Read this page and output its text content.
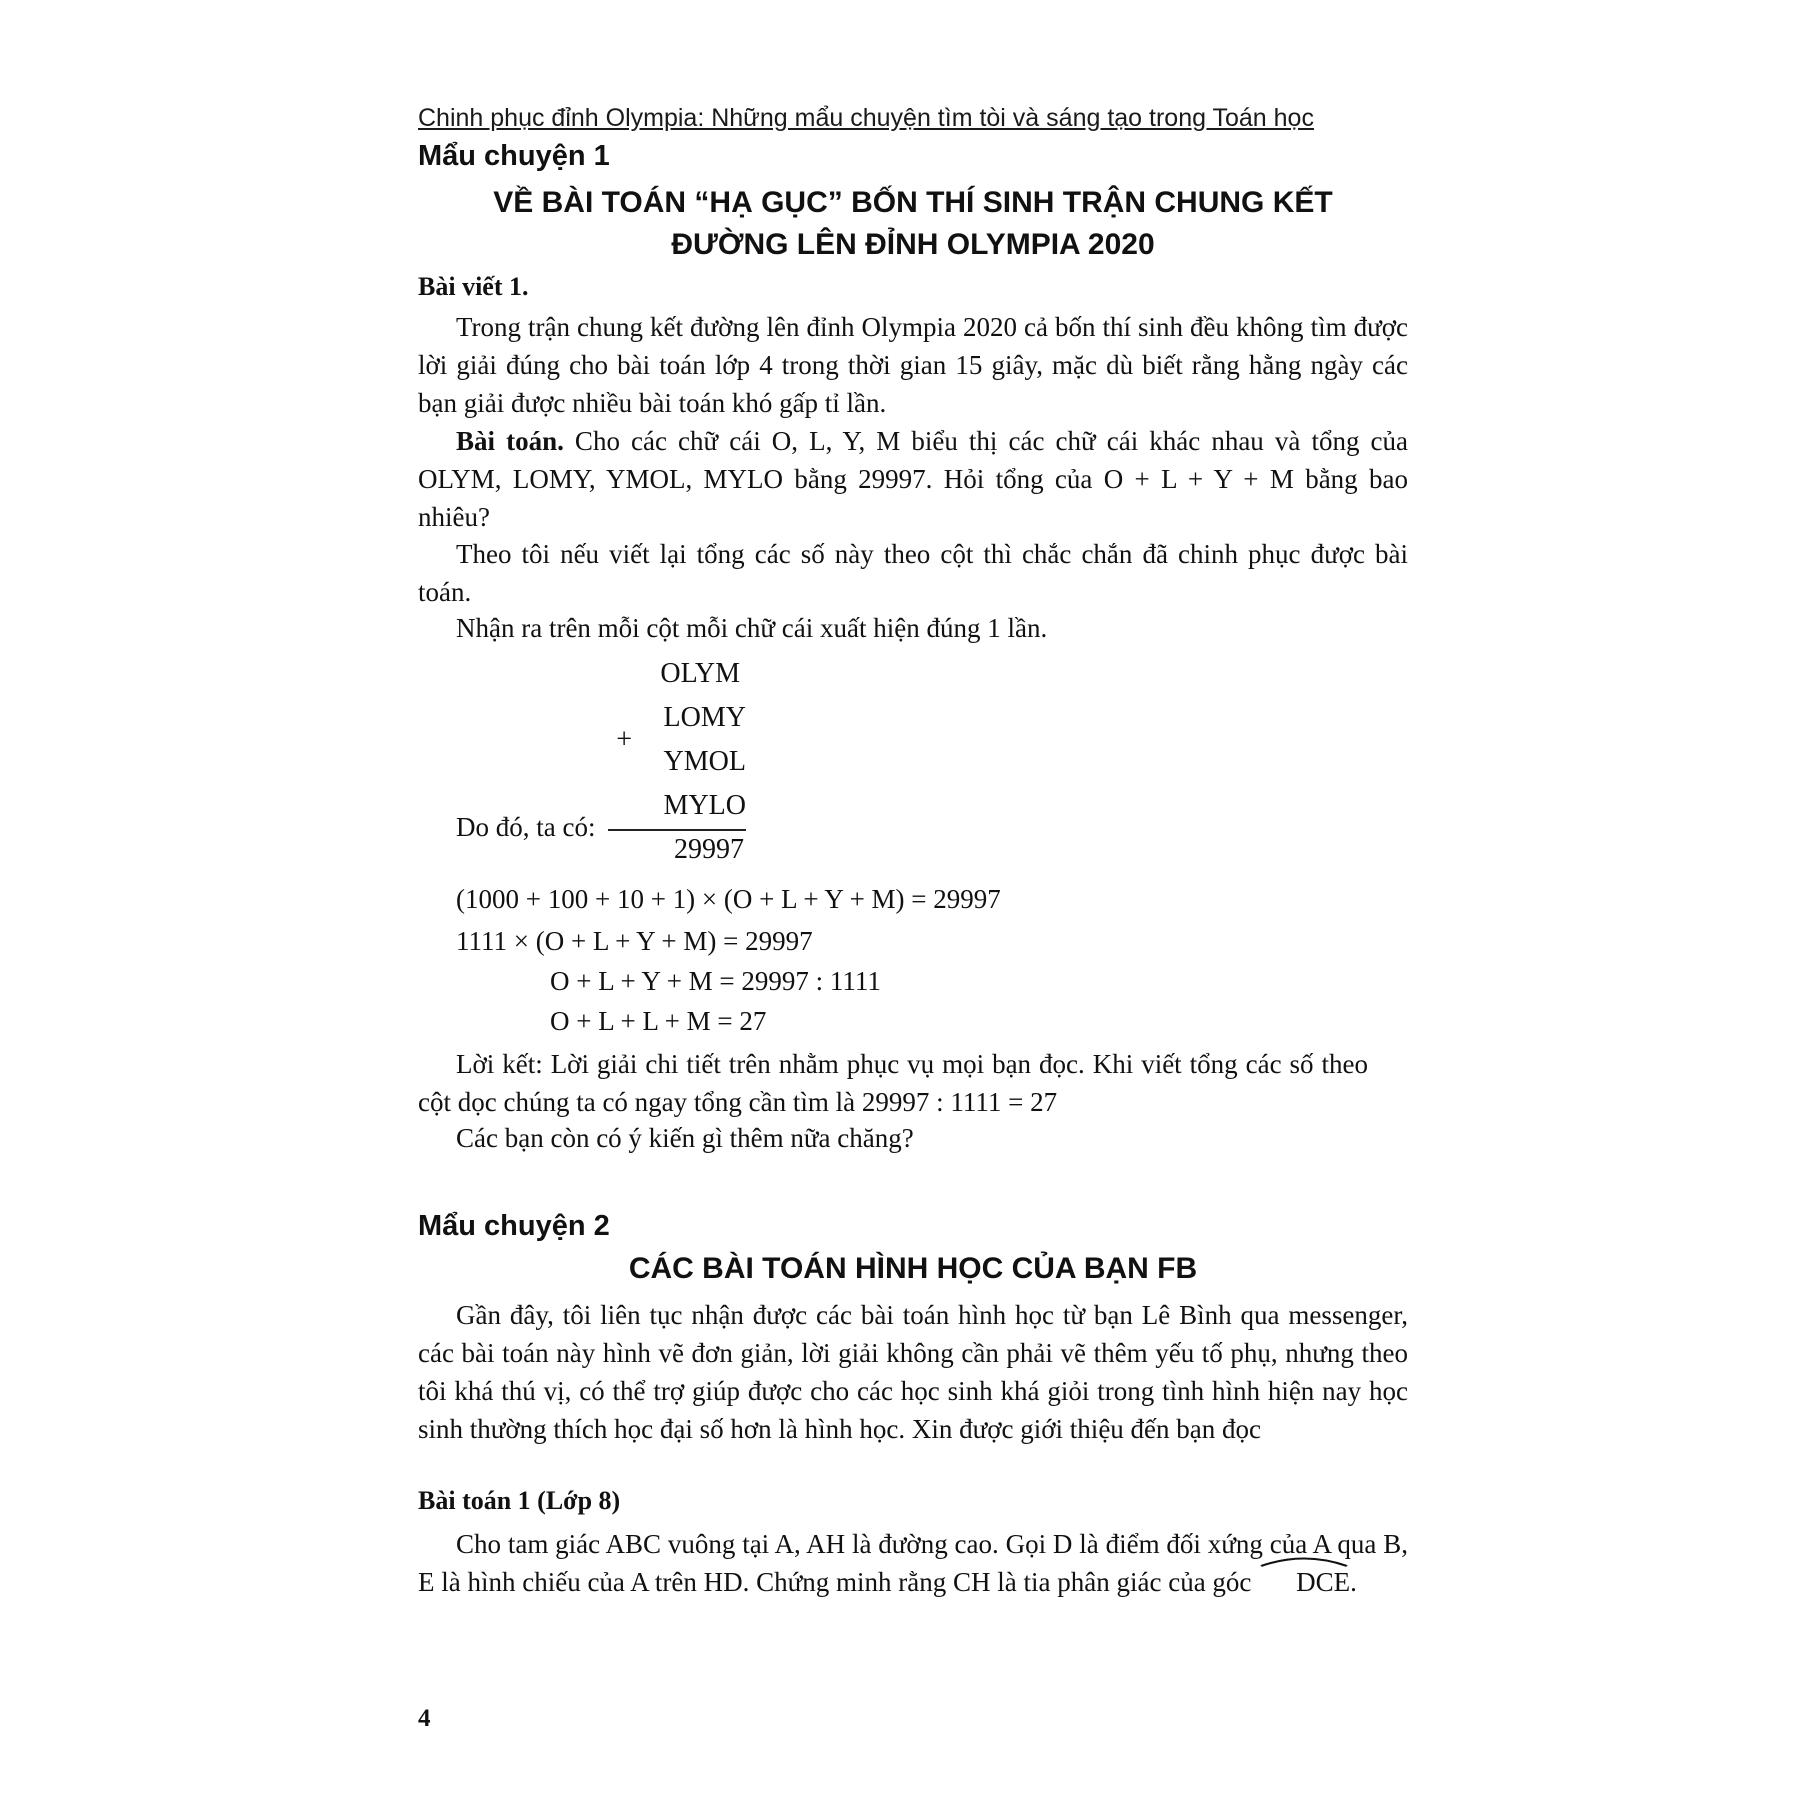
Chinh phục đỉnh Olympia: Những mẩu chuyện tìm tòi và sáng tạo trong Toán học
Mẩu chuyện 1
VỀ BÀI TOÁN “HẠ GỤC” BỐN THÍ SINH TRẬN CHUNG KẾT
ĐƯỜNG LÊN ĐỈNH OLYMPIA 2020
Bài viết 1.
Trong trận chung kết đường lên đỉnh Olympia 2020 cả bốn thí sinh đều không tìm được lời giải đúng cho bài toán lớp 4 trong thời gian 15 giây, mặc dù biết rằng hằng ngày các bạn giải được nhiều bài toán khó gấp tỉ lần.
Bài toán. Cho các chữ cái O, L, Y, M biểu thị các chữ cái khác nhau và tổng của OLYM, LOMY, YMOL, MYLO bằng 29997. Hỏi tổng của O + L + Y + M bằng bao nhiêu?
Theo tôi nếu viết lại tổng các số này theo cột thì chắc chắn đã chinh phục được bài toán.
Nhận ra trên mỗi cột mỗi chữ cái xuất hiện đúng 1 lần.
OLYM
LOMY
+
YMOL
MYLO
Do đó, ta có:
29997
(1000 + 100 + 10 + 1) × (O + L + Y + M) = 29997
1111 × (O + L + Y + M) = 29997
O + L + Y + M = 29997 : 1111
O + L + L + M = 27
Lời kết: Lời giải chi tiết trên nhằm phục vụ mọi bạn đọc. Khi viết tổng các số theo cột dọc chúng ta có ngay tổng cần tìm là 29997 : 1111 = 27
Các bạn còn có ý kiến gì thêm nữa chăng?
Mẩu chuyện 2
CÁC BÀI TOÁN HÌNH HỌC CỦA BẠN FB
Gần đây, tôi liên tục nhận được các bài toán hình học từ bạn Lê Bình qua messenger, các bài toán này hình vẽ đơn giản, lời giải không cần phải vẽ thêm yếu tố phụ, nhưng theo tôi khá thú vị, có thể trợ giúp được cho các học sinh khá giỏi trong tình hình hiện nay học sinh thường thích học đại số hơn là hình học. Xin được giới thiệu đến bạn đọc
Bài toán 1 (Lớp 8)
Cho tam giác ABC vuông tại A, AH là đường cao. Gọi D là điểm đối xứng của A qua B, E là hình chiếu của A trên HD. Chứng minh rằng CH là tia phân giác của góc DCE.
4
